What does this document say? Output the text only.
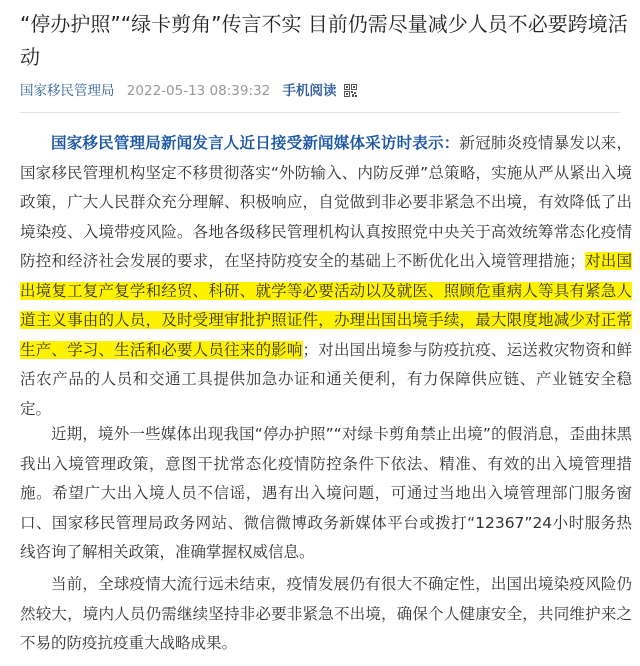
“停办护照”“绿卡剪角”传言不实 目前仍需尽量减少人员不必要跨境活动
国家移民管理局 2022-05-13 08:39:32 手机阅读

国家移民管理局新闻发言人近日接受新闻媒体采访时表示：新冠肺炎疫情暴发以来，国家移民管理机构坚定不移贯彻落实“外防输入、内防反弹”总策略，实施从严从紧出入境政策，广大人民群众充分理解、积极响应，自觉做到非必要非紧急不出境，有效降低了出境染疫、入境带疫风险。各地各级移民管理机构认真按照党中央关于高效统筹常态化疫情防控和经济社会发展的要求，在坚持防疫安全的基础上不断优化出入境管理措施；对出国出境复工复产复学和经贸、科研、就学等必要活动以及就医、照顾危重病人等具有紧急人道主义事由的人员，及时受理审批护照证件，办理出国出境手续，最大限度地减少对正常生产、学习、生活和必要人员往来的影响；对出国出境参与防疫抗疫、运送救灾物资和鲜活农产品的人员和交通工具提供加急办证和通关便利，有力保障供应链、产业链安全稳定。

近期，境外一些媒体出现我国“停办护照”“对绿卡剪角禁止出境”的假消息，歪曲抹黑我出入境管理政策，意图干扰常态化疫情防控条件下依法、精准、有效的出入境管理措施。希望广大出入境人员不信谣，遇有出入境问题，可通过当地出入境管理部门服务窗口、国家移民管理局政务网站、微信微博政务新媒体平台或拨打“12367”24小时服务热线咨询了解相关政策，准确掌握权威信息。

当前，全球疫情大流行远未结束，疫情发展仍有很大不确定性，出国出境染疫风险仍然较大，境内人员仍需继续坚持非必要非紧急不出境，确保个人健康安全，共同维护来之不易的防疫抗疫重大战略成果。
